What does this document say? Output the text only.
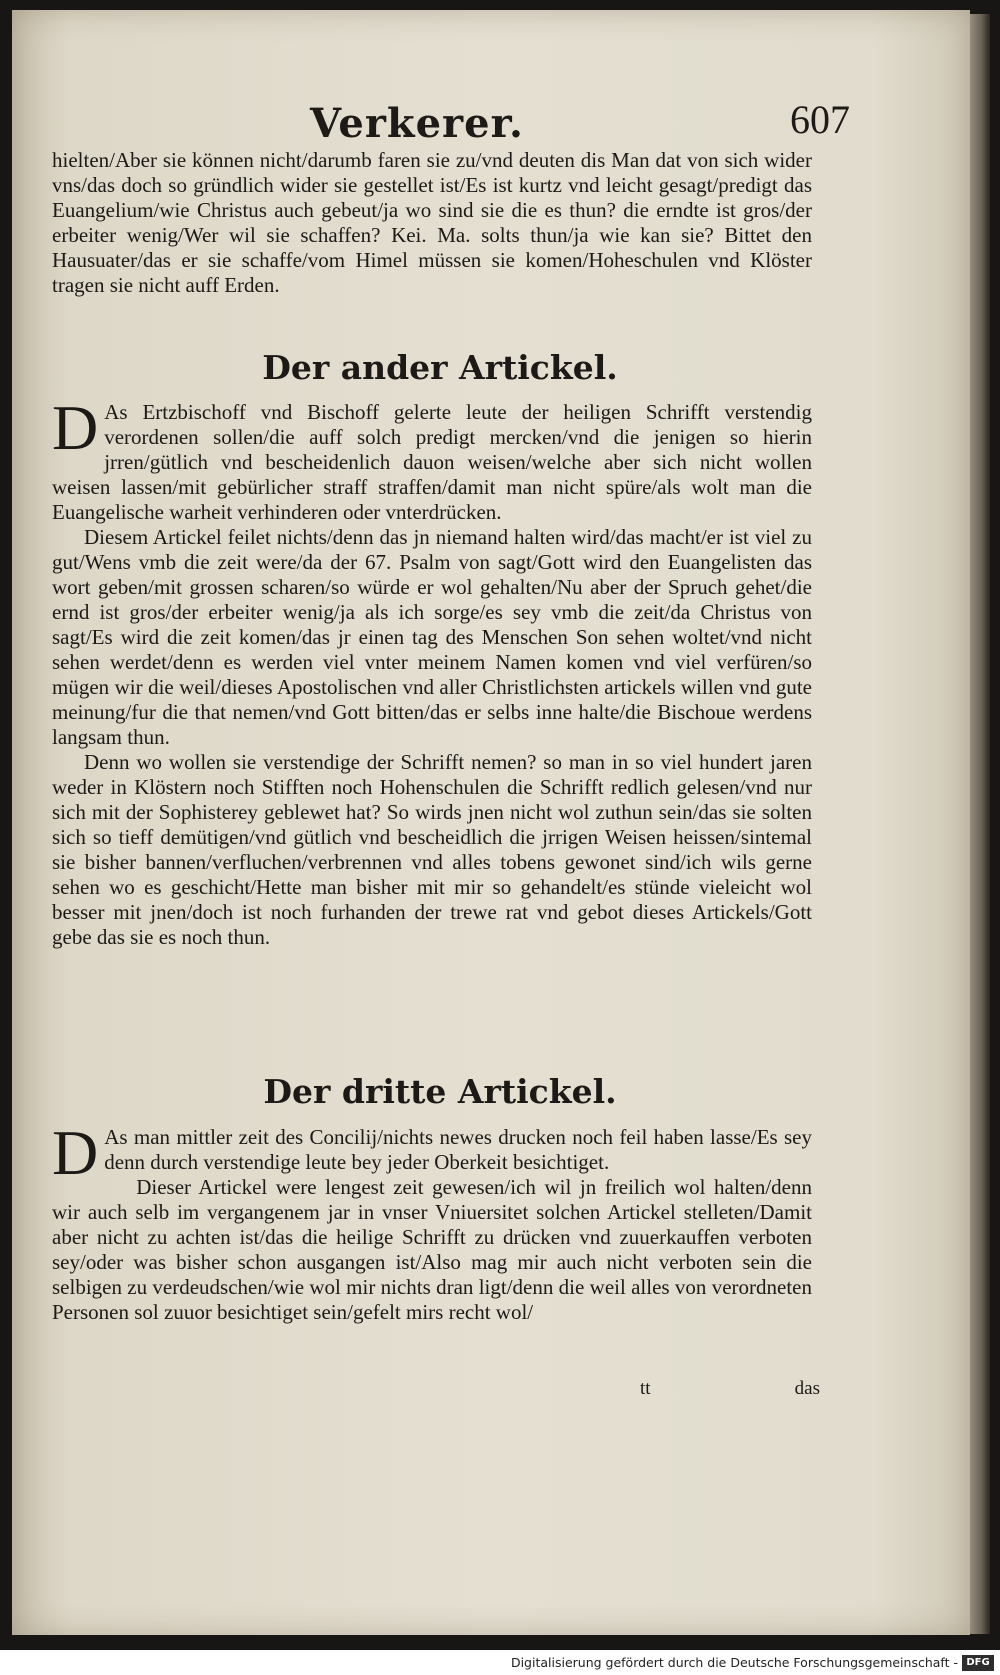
Verkerer.	607

hielten/Aber sie können nicht/darumb faren sie zu/vnd deuten dis Man dat von sich wider vns/das doch so gründlich wider sie gestellet ist/Es ist kurtz vnd leicht gesagt/predigt das Euangelium/wie Christus auch gebeut/ja wo sind sie die es thun? die erndte ist gros/der erbeiter wenig/Wer wil sie schaffen? Kei. Ma. solts thun/ja wie kan sie? Bittet den Hausuater/das er sie schaffe/vom Himel müssen sie komen/Hoheschulen vnd Klöster tragen sie nicht auff Erden.

Der ander Artickel.
D As Ertzbischoff vnd Bischoff gelerte leute der heiligen Schrifft verstendig verordenen sollen/die auff solch predigt mercken/vnd die jenigen so hierin jrren/gütlich vnd bescheidenlich dauon weisen/welche aber sich nicht wollen weisen lassen/mit gebürlicher straff straffen/damit man nicht spüre/als wolt man die Euangelische warheit verhinderen oder vnterdrücken.

Diesem Artickel feilet nichts/denn das jn niemand halten wird/das macht/er ist viel zu gut/Wens vmb die zeit were/da der 67. Psalm von sagt/Gott wird den Euangelisten das wort geben/mit grossen scharen/so würde er wol gehalten/Nu aber der Spruch gehet/die ernd ist gros/der erbeiter wenig/ja als ich sorge/es sey vmb die zeit/da Christus von sagt/Es wird die zeit komen/das jr einen tag des Menschen Son sehen woltet/vnd nicht sehen werdet/denn es werden viel vnter meinem Namen komen vnd viel verfüren/so mügen wir die weil/dieses Apostolischen vnd aller Christlichsten artickels willen vnd gute meinung/fur die that nemen/vnd Gott bitten/das er selbs inne halte/die Bischoue werdens langsam thun.

Denn wo wollen sie verstendige der Schrifft nemen? so man in so viel hundert jaren weder in Klöstern noch Stifften noch Hohenschulen die Schrifft redlich gelesen/vnd nur sich mit der Sophisterey geblewet hat? So wirds jnen nicht wol zuthun sein/das sie solten sich so tieff demütigen/vnd gütlich vnd bescheidlich die jrrigen Weisen heissen/sintemal sie bisher bannen/verfluchen/verbrennen vnd alles tobens gewonet sind/ich wils gerne sehen wo es geschicht/Hette man bisher mit mir so gehandelt/es stünde vieleicht wol besser mit jnen/doch ist noch furhanden der trewe rat vnd gebot dieses Artickels/Gott gebe das sie es noch thun.

Der dritte Artickel.
D As man mittler zeit des Concilij/nichts newes drucken noch feil haben lasse/Es sey denn durch verstendige leute bey jeder Oberkeit besichtiget.

Dieser Artickel were lengest zeit gewesen/ich wil jn freilich wol halten/denn wir auch selb im vergangenem jar in vnser Vniuersitet solchen Artickel stelleten/Damit aber nicht zu achten ist/das die heilige Schrifft zu drücken vnd zuuerkauffen verboten sey/oder was bisher schon ausgangen ist/Also mag mir auch nicht verboten sein die selbigen zu verdeudschen/wie wol mir nichts dran ligt/denn die weil alles von verordneten Personen sol zuuor besichtiget sein/gefelt mirs recht wol/

tt	das
Digitalisierung gefördert durch die Deutsche Forschungsgemeinschaft - DFG
